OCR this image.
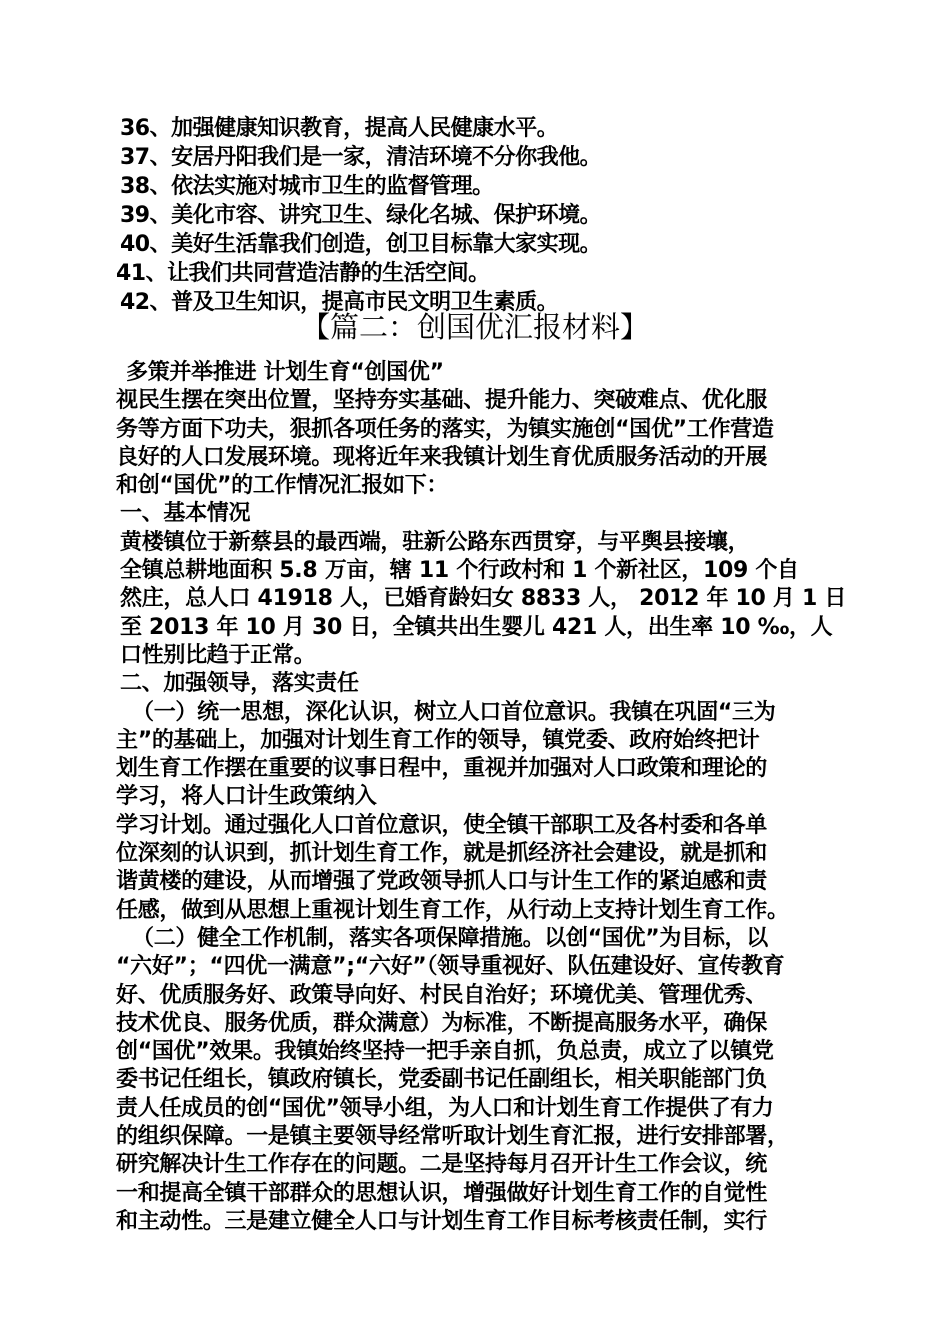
36、加强健康知识教育，提高人民健康水平。
37、安居丹阳我们是一家，清洁环境不分你我他。
38、依法实施对城市卫生的监督管理。
39、美化市容、讲究卫生、绿化名城、保护环境。
40、美好生活靠我们创造，创卫目标靠大家实现。
41、让我们共同营造洁静的生活空间。
42、普及卫生知识，提高市民文明卫生素质。
【篇二：创国优汇报材料】
多策并举推进 计划生育“创国优”
视民生摆在突出位置，坚持夯实基础、提升能力、突破难点、优化服
务等方面下功夫，狠抓各项任务的落实，为镇实施创“国优”工作营造
良好的人口发展环境。现将近年来我镇计划生育优质服务活动的开展
和创“国优”的工作情况汇报如下：
一、基本情况
黄楼镇位于新蔡县的最西端，驻新公路东西贯穿，与平舆县接壤，
全镇总耕地面积 5.8 万亩，辖 11 个行政村和 1 个新社区，109 个自
然庄，总人口 41918 人，已婚育龄妇女 8833 人， 2012 年 10 月 1 日
至 2013 年 10 月 30 日，全镇共出生婴儿 421 人，出生率 10 ‰，人
口性别比趋于正常。
二、加强领导，落实责任
（一）统一思想，深化认识，树立人口首位意识。我镇在巩固“三为
主”的基础上，加强对计划生育工作的领导，镇党委、政府始终把计
划生育工作摆在重要的议事日程中，重视并加强对人口政策和理论的
学习，将人口计生政策纳入
学习计划。通过强化人口首位意识，使全镇干部职工及各村委和各单
位深刻的认识到，抓计划生育工作，就是抓经济社会建设，就是抓和
谐黄楼的建设，从而增强了党政领导抓人口与计生工作的紧迫感和责
任感，做到从思想上重视计划生育工作，从行动上支持计划生育工作。
（二）健全工作机制，落实各项保障措施。以创“国优”为目标，以
“六好”；“四优一满意”;“六好”（领导重视好、队伍建设好、宣传教育
好、优质服务好、政策导向好、村民自治好；环境优美、管理优秀、
技术优良、服务优质，群众满意）为标准，不断提高服务水平，确保
创“国优”效果。我镇始终坚持一把手亲自抓，负总责，成立了以镇党
委书记任组长，镇政府镇长，党委副书记任副组长，相关职能部门负
责人任成员的创“国优”领导小组，为人口和计划生育工作提供了有力
的组织保障。一是镇主要领导经常听取计划生育汇报，进行安排部署，
研究解决计生工作存在的问题。二是坚持每月召开计生工作会议，统
一和提高全镇干部群众的思想认识，增强做好计划生育工作的自觉性
和主动性。三是建立健全人口与计划生育工作目标考核责任制，实行
